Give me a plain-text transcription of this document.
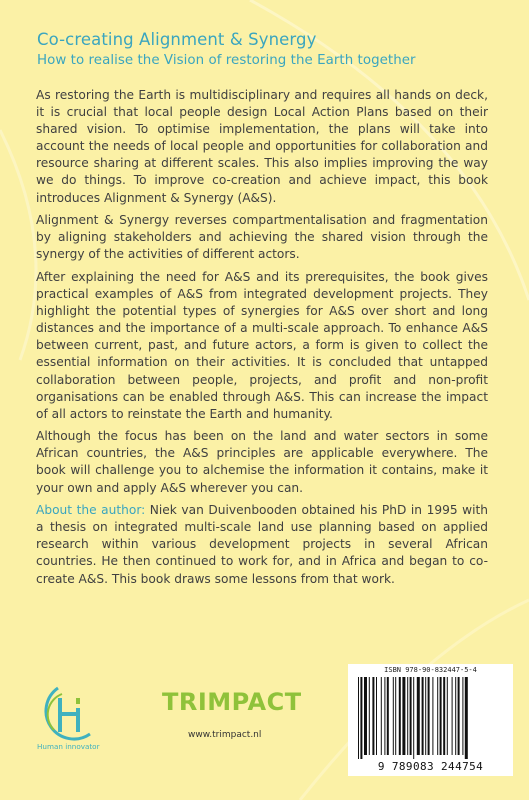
Co-creating Alignment & Synergy
How to realise the Vision of restoring the Earth together

As restoring the Earth is multidisciplinary and requires all hands on deck, it is crucial that local people design Local Action Plans based on their shared vision. To optimise implementation, the plans will take into account the needs of local people and opportunities for collaboration and resource sharing at different scales. This also implies improving the way we do things. To improve co-creation and achieve impact, this book introduces Alignment & Synergy (A&S).

Alignment & Synergy reverses compartmentalisation and fragmentation by aligning stakeholders and achieving the shared vision through the synergy of the activities of different actors.

After explaining the need for A&S and its prerequisites, the book gives practical examples of A&S from integrated development projects. They highlight the potential types of synergies for A&S over short and long distances and the importance of a multi-scale approach. To enhance A&S between current, past, and future actors, a form is given to collect the essential information on their activities. It is concluded that untapped collaboration between people, projects, and profit and non-profit organisations can be enabled through A&S. This can increase the impact of all actors to reinstate the Earth and humanity.

Although the focus has been on the land and water sectors in some African countries, the A&S principles are applicable everywhere. The book will challenge you to alchemise the information it contains, make it your own and apply A&S wherever you can.

About the author: Niek van Duivenbooden obtained his PhD in 1995 with a thesis on integrated multi-scale land use planning based on applied research within various development projects in several African countries. He then continued to work for, and in Africa and began to co-create A&S. This book draws some lessons from that work.

Human innovator
TRIMPACT
www.trimpact.nl
ISBN 978-90-832447-5-4
9 789083 244754
